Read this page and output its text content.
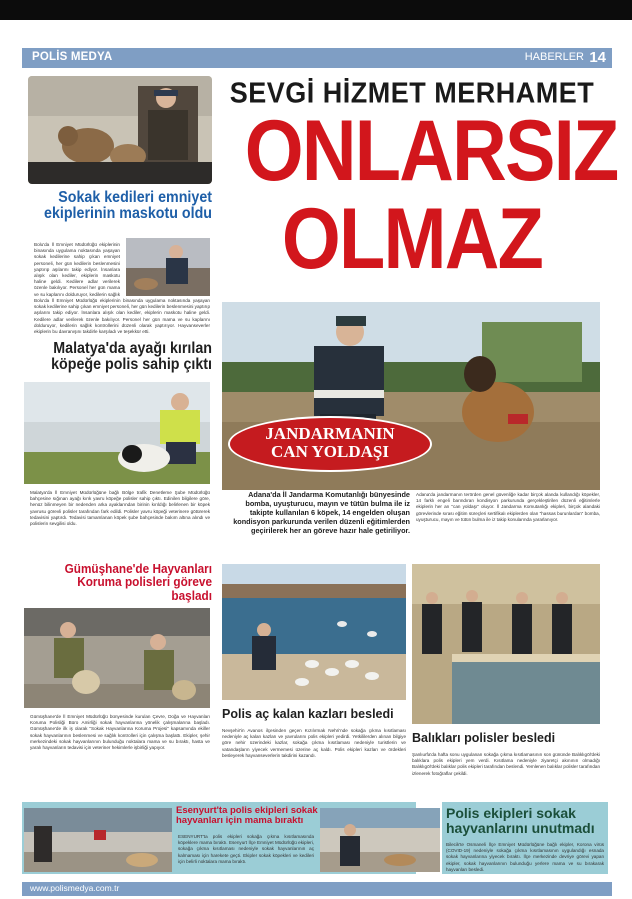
POLİS MEDYA	HABERLER 14
Sokak kedileri emniyet
ekiplerinin maskotu oldu
Bolu'da İl Emniyet Müdürlüğü ekiplerinin binasında uygulama noktasında yaşayan sokak kedilerine sahip çıkan emniyet personeli, her gün kedilerin beslenmesini yaptırıp aşılarını takip ediyor. İnsanlara alışık olan kediler, ekiplerin maskotu haline geldi. Kedilere adlar verilerek özenle bakılıyor. Personel her gün mama ve su kaplarını dolduruyor, kedilerin sağlık
Bolu'da İl Emniyet Müdürlüğü ekiplerinin binasında uygulama noktasında yaşayan sokak kedilerine sahip çıkan emniyet personeli, her gün kedilerin beslenmesini yaptırıp aşılarını takip ediyor. İnsanlara alışık olan kediler, ekiplerin maskotu haline geldi. Kedilere adlar verilerek özenle bakılıyor. Personel her gün mama ve su kaplarını dolduruyor, kedilerin sağlık kontrollerini düzenli olarak yaptırıyor. Hayvanseverler ekiplerin bu davranışını takdirle karşıladı ve teşekkür etti.
Malatya'da ayağı kırılan
köpeğe polis sahip çıktı
Malatya'da İl Emniyet Müdürlüğüne bağlı Bölge trafik Denetleme Şube Müdürlüğü bahçesine sığınan ayağı kırık yavru köpeğe polisler sahip çıktı. Edinilen bilgilere göre, henüz bilinmeyen bir nedenden arka ayaklarından birinin kırıldığı belirlenen bir köpek yavrusu görevli polisler tarafından fark edildi. Polisler yavru köpeği veterinere götürerek tedavisini yaptırdı. Tedavisi tamamlanan köpek şube bahçesinde bakım altına alındı ve polislerin sevgilisi oldu.
Gümüşhane'de Hayvanları
Koruma polisleri göreve başladı
Gümüşhane'de İl Emniyet Müdürlüğü bünyesinde kurulan Çevre, Doğa ve Hayvanları Koruma Polisliği Büro Amirliği sokak hayvanlarına yönelik çalışmalarına başladı. Gümüşhane'de ilk iş olarak "Sokak Hayvanlarına Koruma Projesi" kapsamında ekiller sokak hayvanlarının beslenmesi ve sağlık kontrolleri için çalışma başlattı. Ekipler, şehir merkezindeki sokak hayvanlarının bulunduğu noktalara mama ve su bıraktı, hasta ve yaralı hayvanların tedavisi için veteriner hekimlerle işbirliği yapıyor.
SEVGİ HİZMET MERHAMET
ONLARSIZ
OLMAZ
JANDARMANIN
CAN YOLDAŞI
Adana'da İl Jandarma Komutanlığı bünyesinde bomba, uyuşturucu, mayın ve tütün bulma ile iz takipte kullanılan 6 köpek, 14 engelden oluşan kondisyon parkurunda verilen düzenli eğitimlerden geçirilerek her an göreve hazır hale getiriliyor.
Adana'da jandarmanın terörden genel güvenliğe kadar birçok alanda kullandığı köpekler, 14 farklı engeli barındıran kondisyon parkurunda gerçekleştirilen düzenli eğitimlerle ekiplerin her an "can yoldaşı" oluyor. İl Jandarma Komutanlığı ekipleri, birçok alandaki görevlerinde sırası eğitim süreçleri sertifikalı ekiplerden olan "hassas burunlardan" bomba, uyuşturucu, mayın ve tütün bulma ile iz takip konularında yararlanıyor.
Polis aç kalan kazları besledi
Nevşehir'in Avanos ilçesinden geçen Kızılırmak Nehri'nde sokağa çıkma kısıtlaması nedeniyle aç kalan kazları ve yavrularını polis ekipleri yedirdi. Yetkililerden alınan bilgiye göre nehir üzerindeki kazlar, sokağa çıkma kısıtlaması nedeniyle turistlerin ve vatandaşların yiyecek vermemesi üzerine aç kaldı. Polis ekipleri kazları ve ördekleri besleyerek hayvanseverlerin takdirini kazandı.
Balıkları polisler besledi
Şanlıurfa'da hafta sonu uygulanan sokağa çıkma kısıtlamasının son gününde Balıklıgöl'deki balıklara polis ekipleri yem verdi. Kısıtlama nedeniyle ziyaretçi akınının olmadığı Balıklıgöl'deki balıklar polis ekipleri tarafından beslendi. Yemlenen balıklar polisler tarafından izlenerek fotoğraflar çekildi.
Esenyurt'ta polis ekipleri sokak
hayvanları için mama bıraktı
ESENYURT'ta polis ekipleri sokağa çıkma kısıtlamasında köpeklere mama bıraktı. Esenyurt İlçe Emniyet Müdürlüğü ekipleri, sokağa çıkma kısıtlaması nedeniyle sokak hayvanlarının aç kalmaması için harekete geçti. Ekipler sokak köpekleri ve kedileri için belirli noktalara mama bıraktı.
Polis ekipleri sokak
hayvanlarını unutmadı
Bilecik'te Osmaneli İlçe Emniyet Müdürlüğüne bağlı ekipler, Korona virüs (COVID-19) nedeniyle sokağa çıkma kısıtlamasının uygulandığı esnada sokak hayvanlarına yiyecek bıraktı. İlçe merkezinde devriye görevi yapan ekipler, sokak hayvanlarının bulunduğu yerlere mama ve su bırakarak hayvanları besledi.
www.polismedya.com.tr
